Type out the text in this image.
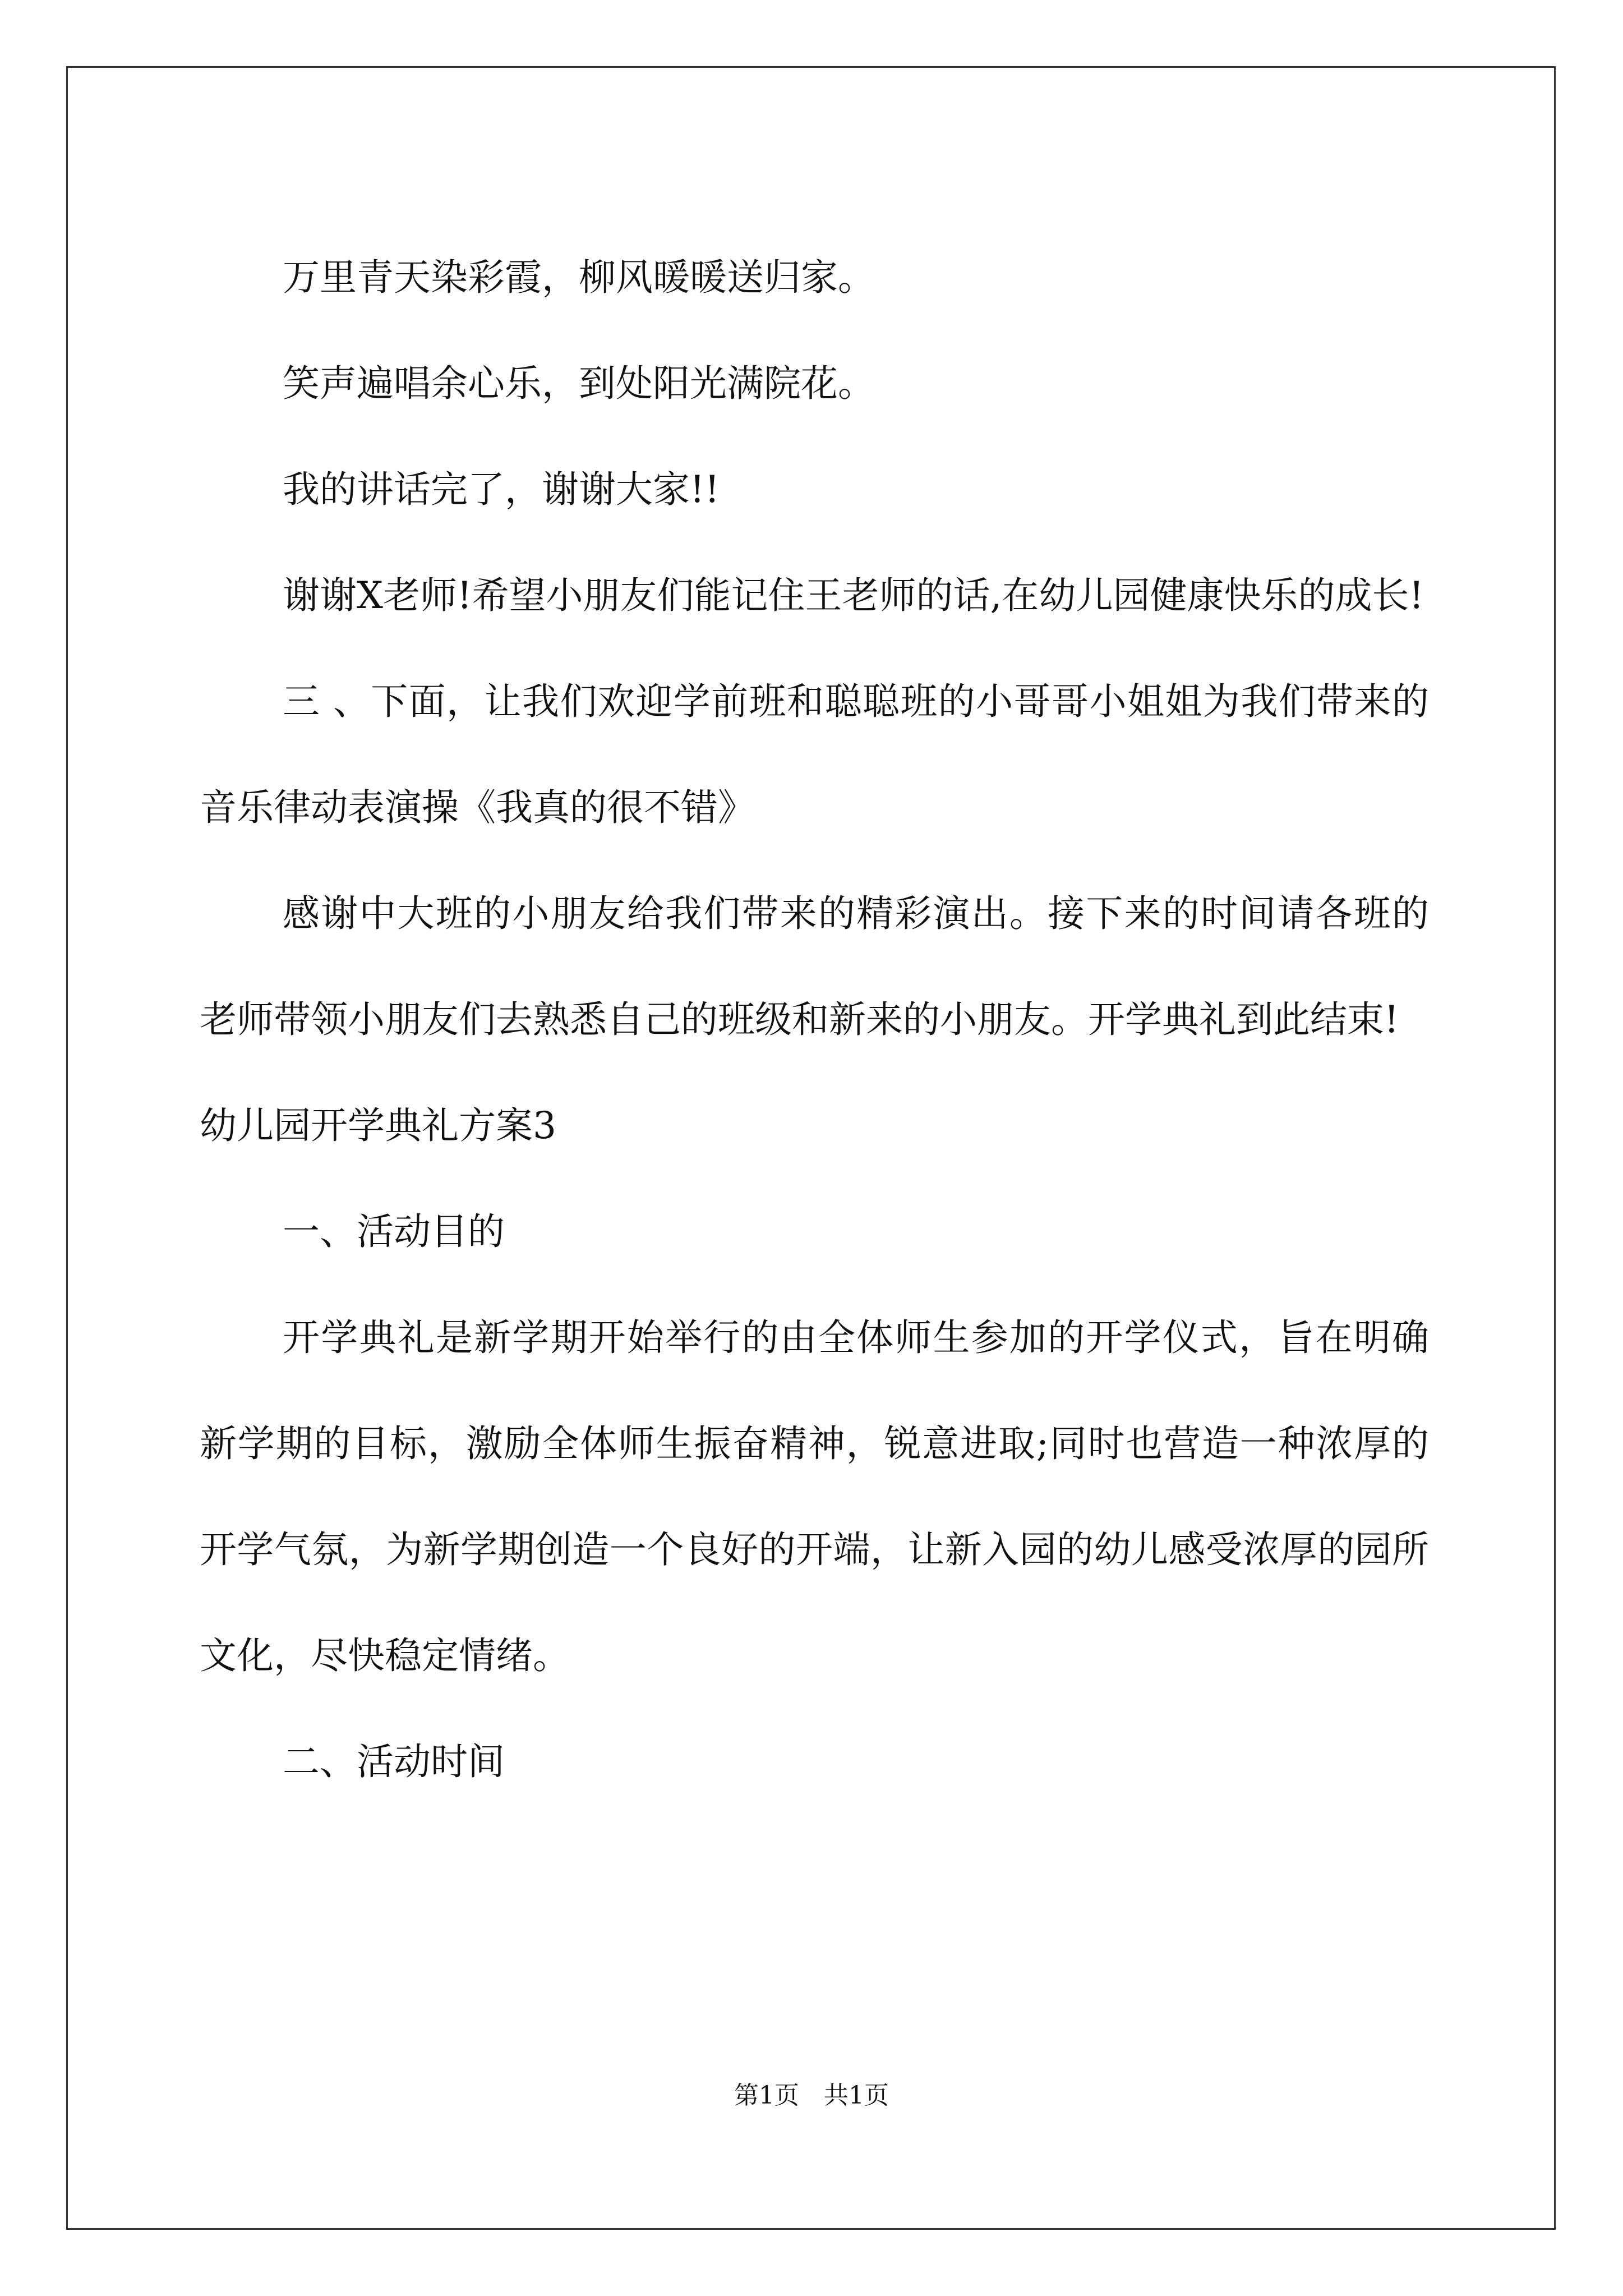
万里青天染彩霞，柳风暖暖送归家。

笑声遍唱余心乐，到处阳光满院花。

我的讲话完了，谢谢大家!!

谢谢X老师!希望小朋友们能记住王老师的话,在幼儿园健康快乐的成长!

三 、下面，让我们欢迎学前班和聪聪班的小哥哥小姐姐为我们带来的音乐律动表演操《我真的很不错》

感谢中大班的小朋友给我们带来的精彩演出。接下来的时间请各班的老师带领小朋友们去熟悉自己的班级和新来的小朋友。开学典礼到此结束!

幼儿园开学典礼方案3

一、活动目的

开学典礼是新学期开始举行的由全体师生参加的开学仪式，旨在明确新学期的目标，激励全体师生振奋精神，锐意进取;同时也营造一种浓厚的开学气氛，为新学期创造一个良好的开端，让新入园的幼儿感受浓厚的园所文化，尽快稳定情绪。

二、活动时间

第1页　共1页
